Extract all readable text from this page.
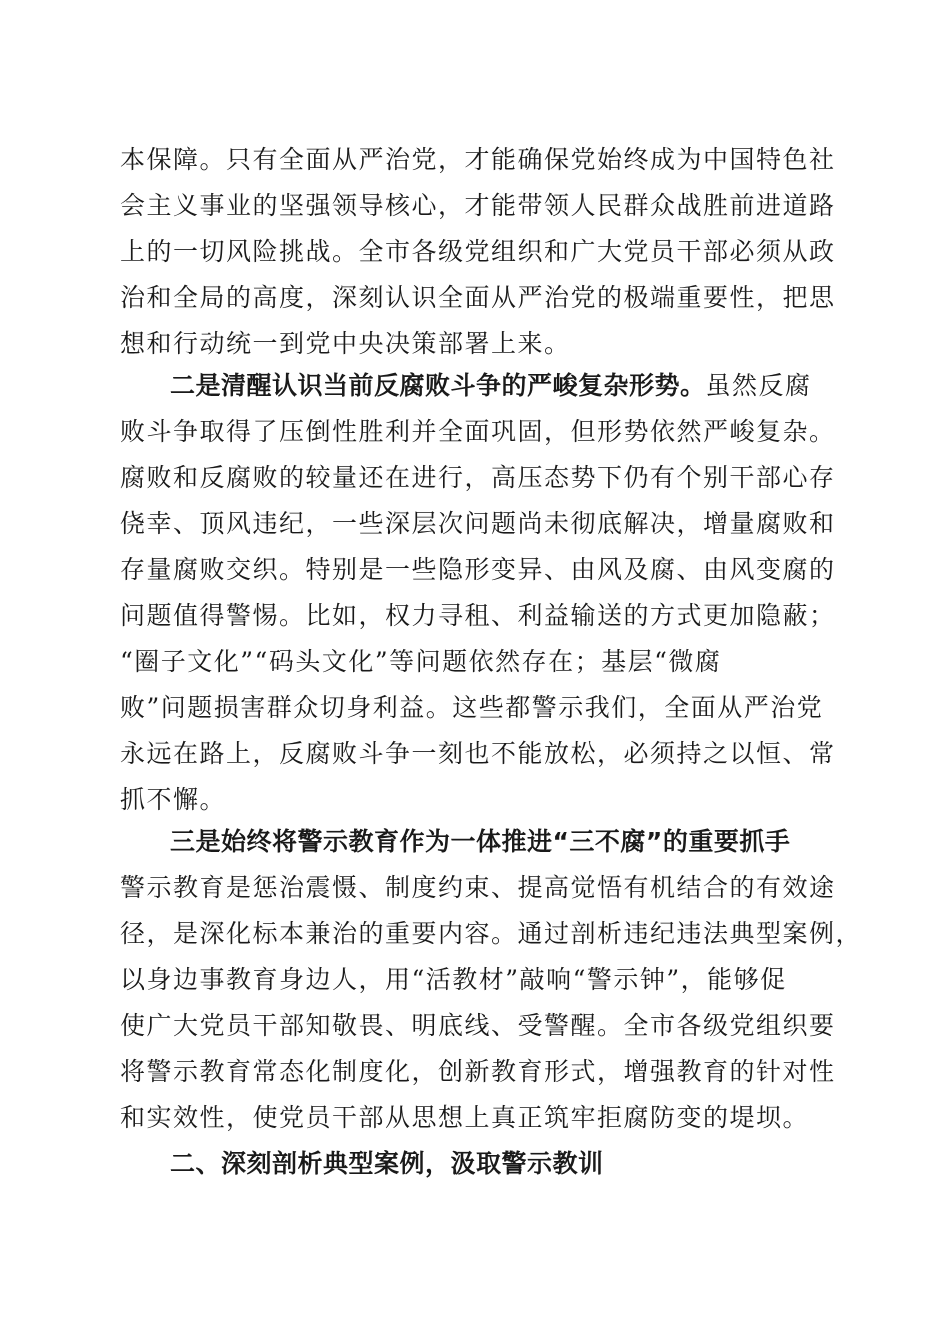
本保障。只有全面从严治党，才能确保党始终成为中国特色社
会主义事业的坚强领导核心，才能带领人民群众战胜前进道路
上的一切风险挑战。全市各级党组织和广大党员干部必须从政
治和全局的高度，深刻认识全面从严治党的极端重要性，把思
想和行动统一到党中央决策部署上来。
二是清醒认识当前反腐败斗争的严峻复杂形势。虽然反腐
败斗争取得了压倒性胜利并全面巩固，但形势依然严峻复杂。
腐败和反腐败的较量还在进行，高压态势下仍有个别干部心存
侥幸、顶风违纪，一些深层次问题尚未彻底解决，增量腐败和
存量腐败交织。特别是一些隐形变异、由风及腐、由风变腐的
问题值得警惕。比如，权力寻租、利益输送的方式更加隐蔽；
“圈子文化”“码头文化”等问题依然存在；基层“微腐
败”问题损害群众切身利益。这些都警示我们，全面从严治党
永远在路上，反腐败斗争一刻也不能放松，必须持之以恒、常
抓不懈。
三是始终将警示教育作为一体推进“三不腐”的重要抓手
警示教育是惩治震慑、制度约束、提高觉悟有机结合的有效途
径，是深化标本兼治的重要内容。通过剖析违纪违法典型案例，
以身边事教育身边人，用“活教材”敲响“警示钟”，能够促
使广大党员干部知敬畏、明底线、受警醒。全市各级党组织要
将警示教育常态化制度化，创新教育形式，增强教育的针对性
和实效性，使党员干部从思想上真正筑牢拒腐防变的堤坝。
二、深刻剖析典型案例，汲取警示教训
